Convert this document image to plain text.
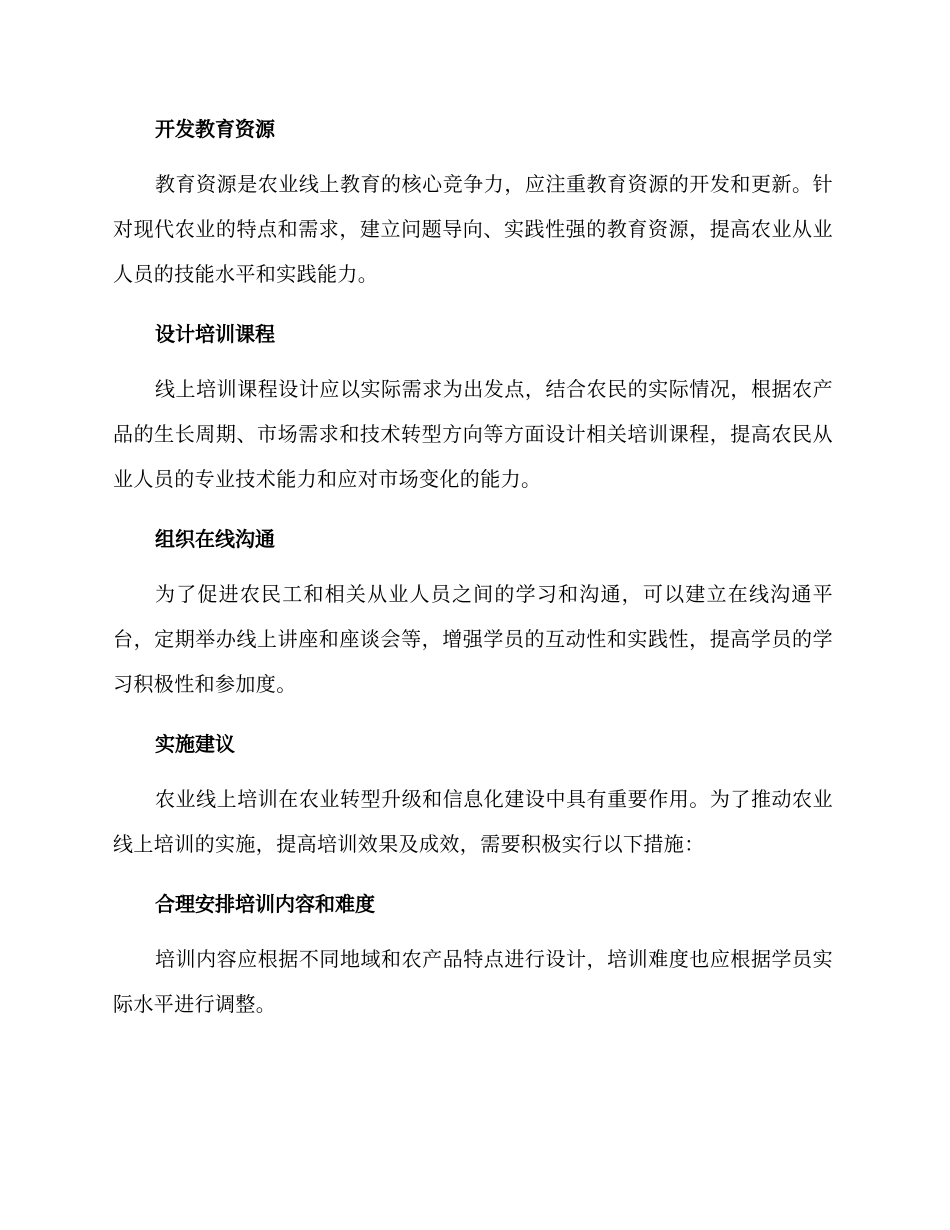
开发教育资源

教育资源是农业线上教育的核心竞争力，应注重教育资源的开发和更新。针对现代农业的特点和需求，建立问题导向、实践性强的教育资源，提高农业从业人员的技能水平和实践能力。

设计培训课程

线上培训课程设计应以实际需求为出发点，结合农民的实际情况，根据农产品的生长周期、市场需求和技术转型方向等方面设计相关培训课程，提高农民从业人员的专业技术能力和应对市场变化的能力。

组织在线沟通

为了促进农民工和相关从业人员之间的学习和沟通，可以建立在线沟通平台，定期举办线上讲座和座谈会等，增强学员的互动性和实践性，提高学员的学习积极性和参加度。

实施建议

农业线上培训在农业转型升级和信息化建设中具有重要作用。为了推动农业线上培训的实施，提高培训效果及成效，需要积极实行以下措施：

合理安排培训内容和难度

培训内容应根据不同地域和农产品特点进行设计，培训难度也应根据学员实际水平进行调整。
